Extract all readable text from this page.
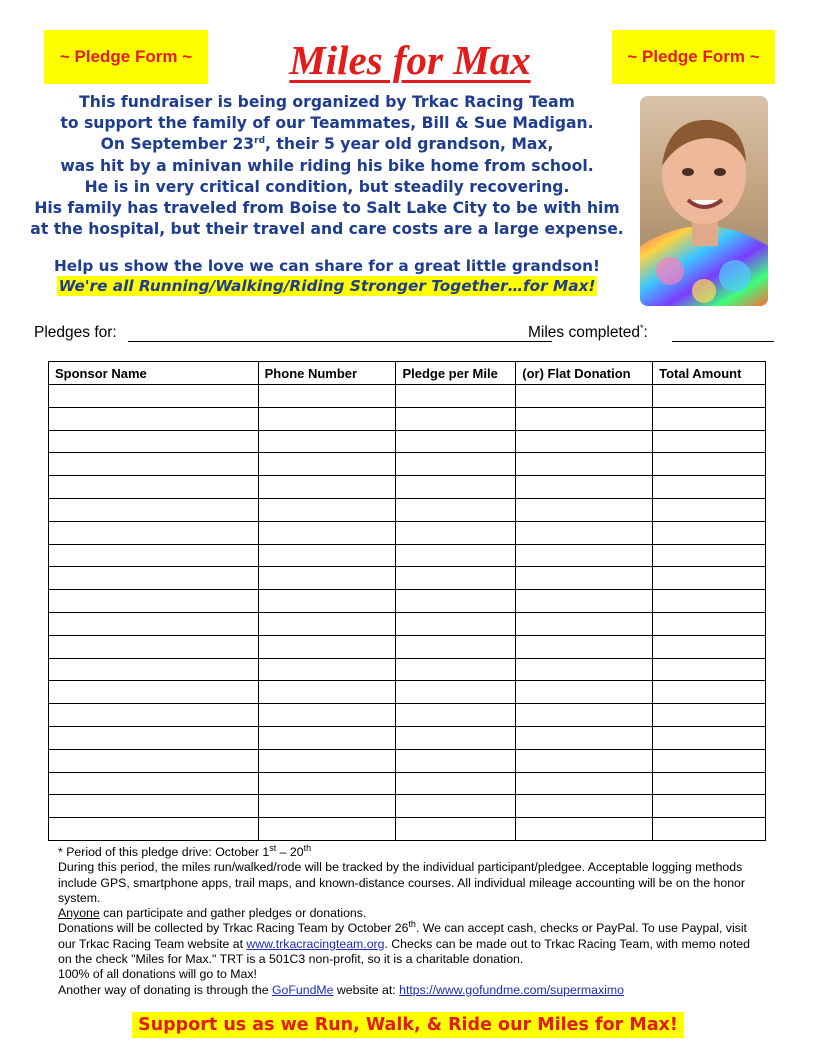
~ Pledge Form ~	Miles for Max	~ Pledge Form ~
This fundraiser is being organized by Trkac Racing Team
to support the family of our Teammates, Bill & Sue Madigan.
On September 23rd, their 5 year old grandson, Max,
was hit by a minivan while riding his bike home from school.
He is in very critical condition, but steadily recovering.
His family has traveled from Boise to Salt Lake City to be with him
at the hospital, but their travel and care costs are a large expense.
Help us show the love we can share for a great little grandson!
We're all Running/Walking/Riding Stronger Together…for Max!
Pledges for:	Miles completed*:
Sponsor Name	Phone Number	Pledge per Mile	(or) Flat Donation	Total Amount

* Period of this pledge drive: October 1st – 20th

During this period, the miles run/walked/rode will be tracked by the individual participant/pledgee. Acceptable logging methods include GPS, smartphone apps, trail maps, and known-distance courses. All individual mileage accounting will be on the honor system.

Anyone can participate and gather pledges or donations.

Donations will be collected by Trkac Racing Team by October 26th. We can accept cash, checks or PayPal. To use Paypal, visit our Trkac Racing Team website at www.trkacracingteam.org. Checks can be made out to Trkac Racing Team, with memo noted on the check "Miles for Max." TRT is a 501C3 non-profit, so it is a charitable donation.

100% of all donations will go to Max!

Another way of donating is through the GoFundMe website at: https://www.gofundme.com/supermaximo

Support us as we Run, Walk, & Ride our Miles for Max!
